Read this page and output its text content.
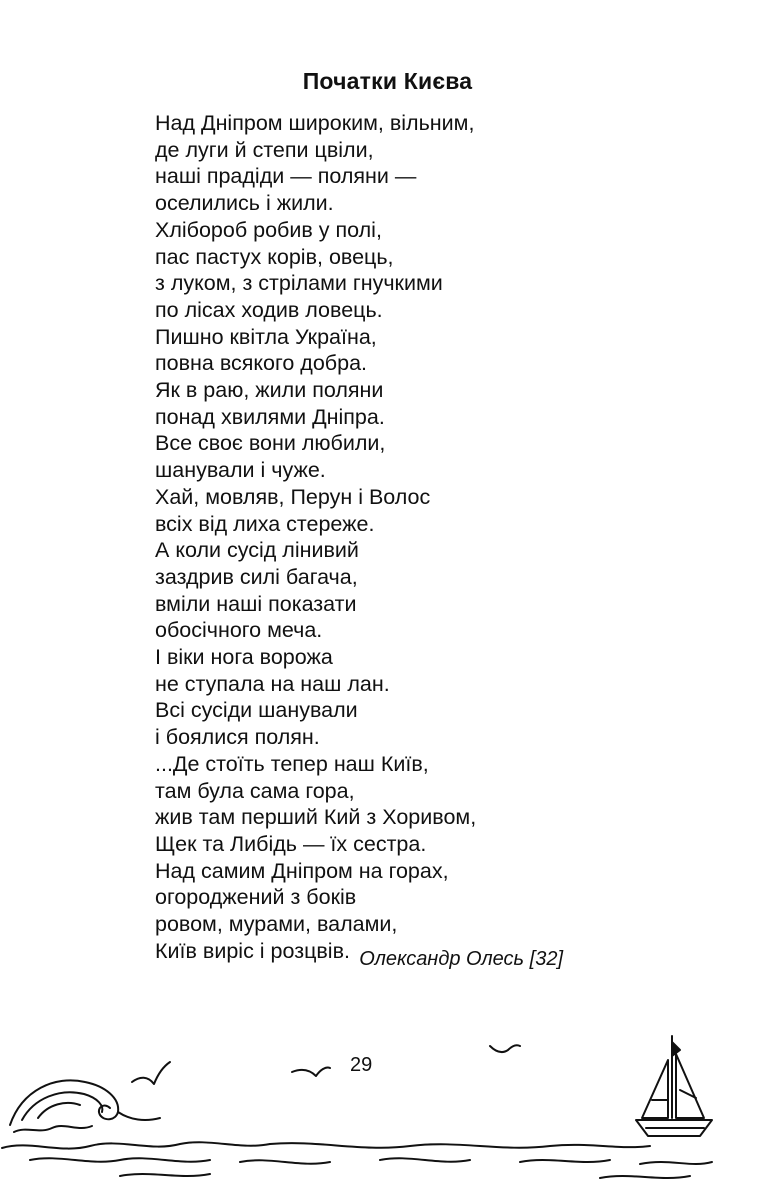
Початки Києва
Над Дніпром широким, вільним,
де луги й степи цвіли,
наші прадіди — поляни —
оселились і жили.
Хлібороб робив у полі,
пас пастух корів, овець,
з луком, з стрілами гнучкими
по лісах ходив ловець.
Пишно квітла Україна,
повна всякого добра.
Як в раю, жили поляни
понад хвилями Дніпра.
Все своє вони любили,
шанували і чуже.
Хай, мовляв, Перун і Волос
всіх від лиха стереже.
А коли сусід лінивий
заздрив силі багача,
вміли наші показати
обосічного меча.
І віки нога ворожа
не ступала на наш лан.
Всі сусіди шанували
і боялися полян.
...Де стоїть тепер наш Київ,
там була сама гора,
жив там перший Кий з Хоривом,
Щек та Либідь — їх сестра.
Над самим Дніпром на горах,
огороджений з боків
ровом, мурами, валами,
Київ виріс і розцвів. Олександр Олесь [32]
29
